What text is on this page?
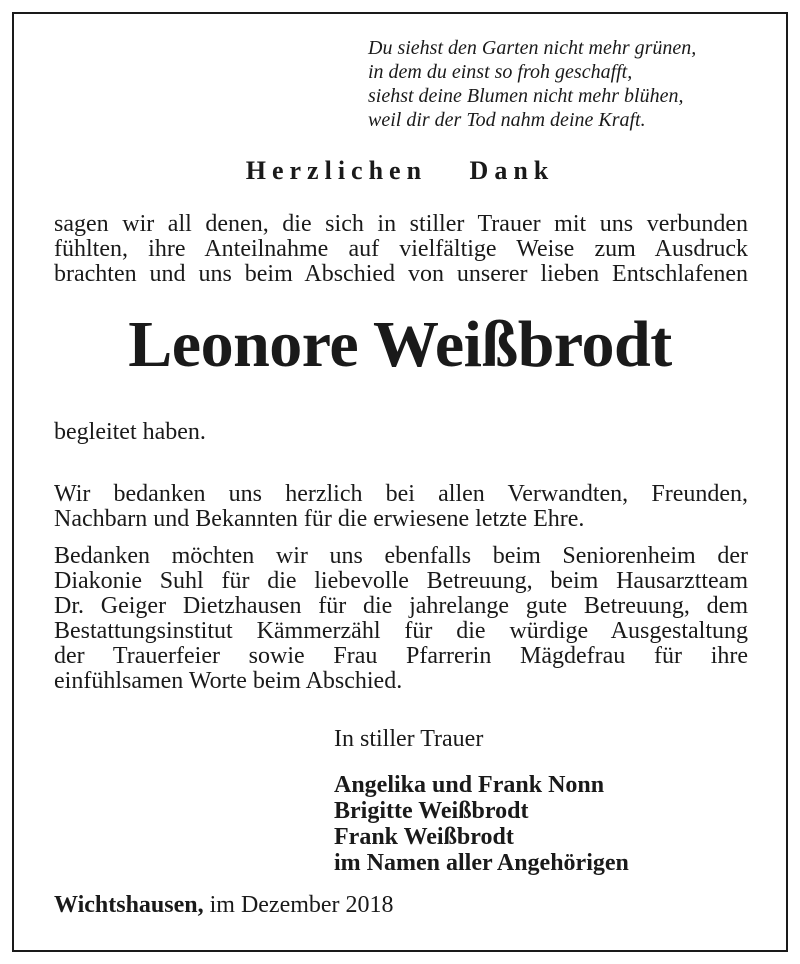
Du siehst den Garten nicht mehr grünen,
in dem du einst so froh geschafft,
siehst deine Blumen nicht mehr blühen,
weil dir der Tod nahm deine Kraft.
Herzlichen Dank
sagen wir all denen, die sich in stiller Trauer mit uns verbunden
fühlten, ihre Anteilnahme auf vielfältige Weise zum Ausdruck
brachten und uns beim Abschied von unserer lieben Entschlafenen
Leonore Weißbrodt
begleitet haben.
Wir bedanken uns herzlich bei allen Verwandten, Freunden,
Nachbarn und Bekannten für die erwiesene letzte Ehre.
Bedanken möchten wir uns ebenfalls beim Seniorenheim der
Diakonie Suhl für die liebevolle Betreuung, beim Hausarztteam
Dr. Geiger Dietzhausen für die jahrelange gute Betreuung, dem
Bestattungsinstitut Kämmerzähl für die würdige Ausgestaltung
der Trauerfeier sowie Frau Pfarrerin Mägdefrau für ihre
einfühlsamen Worte beim Abschied.
In stiller Trauer
Angelika und Frank Nonn
Brigitte Weißbrodt
Frank Weißbrodt
im Namen aller Angehörigen
Wichtshausen, im Dezember 2018
